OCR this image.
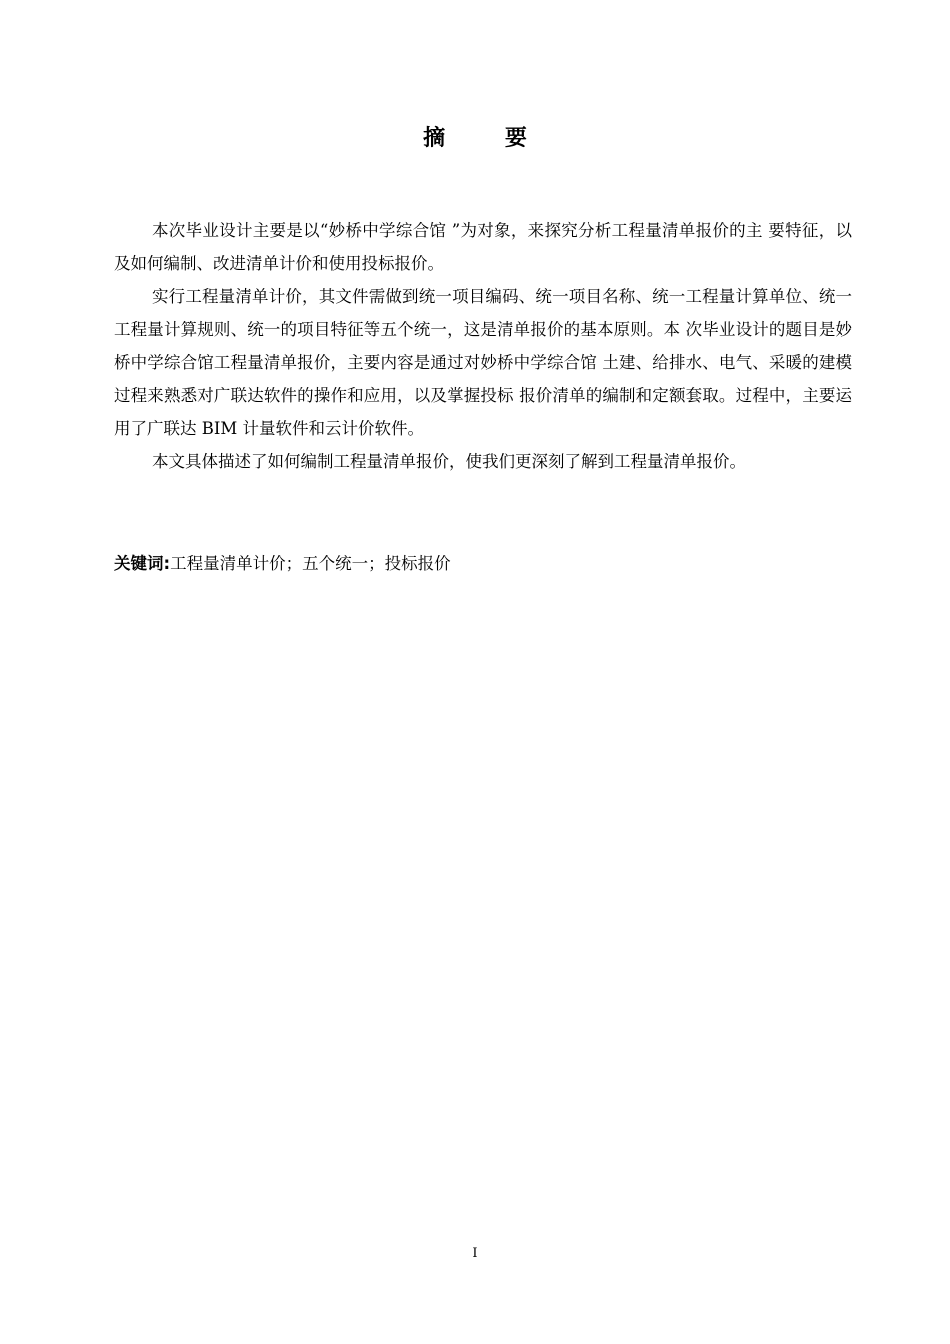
摘 要

本次毕业设计主要是以“妙桥中学综合馆 ”为对象，来探究分析工程量清单报价的主 要特征，以及如何编制、改进清单计价和使用投标报价。

实行工程量清单计价，其文件需做到统一项目编码、统一项目名称、统一工程量计算单位、统一工程量计算规则、统一的项目特征等五个统一，这是清单报价的基本原则。本 次毕业设计的题目是妙桥中学综合馆工程量清单报价，主要内容是通过对妙桥中学综合馆 土建、给排水、电气、采暖的建模过程来熟悉对广联达软件的操作和应用，以及掌握投标 报价清单的编制和定额套取。过程中，主要运用了广联达 BIM 计量软件和云计价软件。

本文具体描述了如何编制工程量清单报价，使我们更深刻了解到工程量清单报价。

关键词:工程量清单计价；五个统一；投标报价
I
